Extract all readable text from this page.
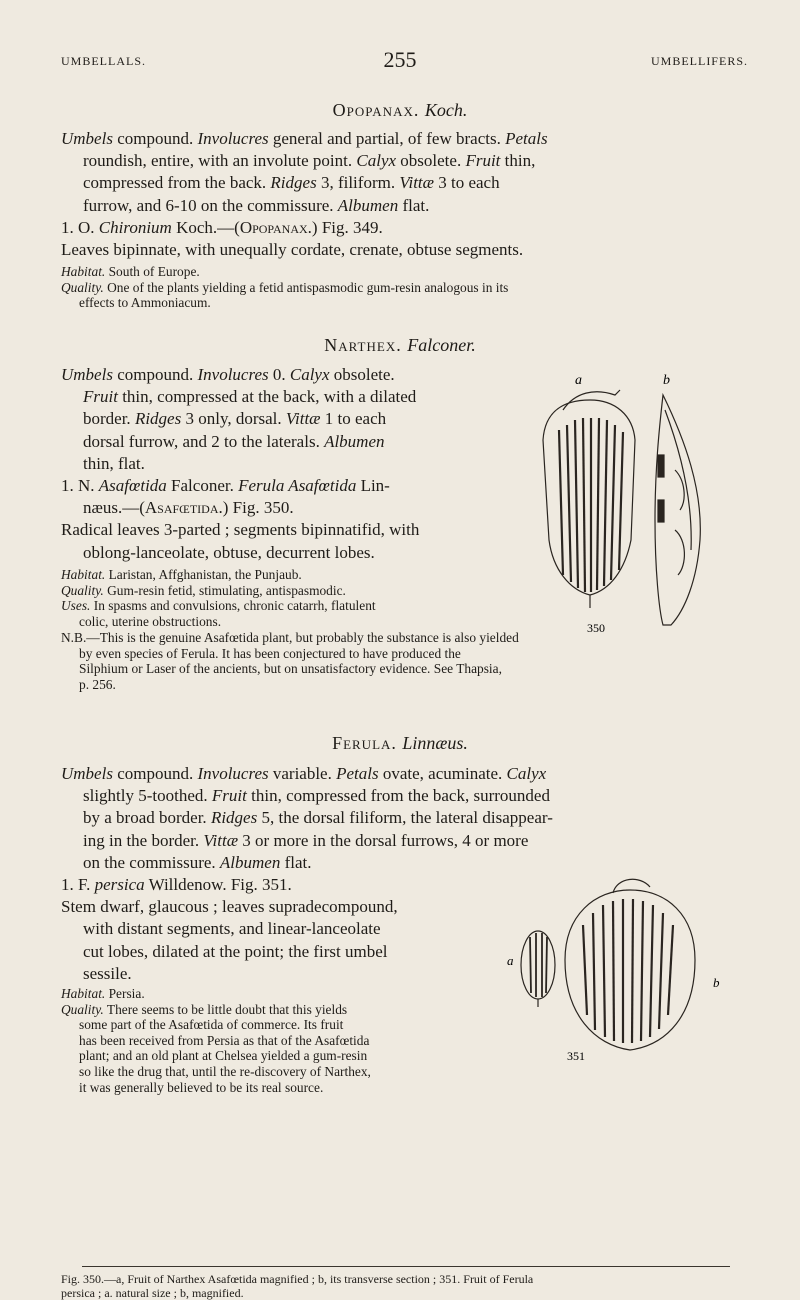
UMBELLALS.	255	UMBELLIFERS.
Opopanax. Koch.

Umbels compound. Involucres general and partial, of few bracts. Petals

roundish, entire, with an involute point. Calyx obsolete. Fruit thin,

compressed from the back. Ridges 3, filiform. Vittæ 3 to each

furrow, and 6-10 on the commissure. Albumen flat.

1. O. Chironium Koch.—(Opopanax.) Fig. 349.

Leaves bipinnate, with unequally cordate, crenate, obtuse segments.

Habitat. South of Europe.

Quality. One of the plants yielding a fetid antispasmodic gum-resin analogous in its

effects to Ammoniacum.

Narthex. Falconer.

Umbels compound. Involucres 0. Calyx obsolete.

Fruit thin, compressed at the back, with a dilated

border. Ridges 3 only, dorsal. Vittæ 1 to each

dorsal furrow, and 2 to the laterals. Albumen

thin, flat.

1. N. Asafœtida Falconer. Ferula Asafœtida Lin-

næus.—(Asafœtida.) Fig. 350.

Radical leaves 3-parted ; segments bipinnatifid, with

oblong-lanceolate, obtuse, decurrent lobes.

Habitat. Laristan, Affghanistan, the Punjaub.

Quality. Gum-resin fetid, stimulating, antispasmodic.

Uses. In spasms and convulsions, chronic catarrh, flatulent

colic, uterine obstructions.

N.B.—This is the genuine Asafœtida plant, but probably the substance is also yielded

by even species of Ferula. It has been conjectured to have produced the

Silphium or Laser of the ancients, but on unsatisfactory evidence. See Thapsia,

p. 256.

a	b
350
Ferula. Linnæus.

Umbels compound. Involucres variable. Petals ovate, acuminate. Calyx

slightly 5-toothed. Fruit thin, compressed from the back, surrounded

by a broad border. Ridges 5, the dorsal filiform, the lateral disappear-

ing in the border. Vittæ 3 or more in the dorsal furrows, 4 or more

on the commissure. Albumen flat.

1. F. persica Willdenow. Fig. 351.

Stem dwarf, glaucous ; leaves supradecompound,

with distant segments, and linear-lanceolate

cut lobes, dilated at the point; the first umbel

sessile.

Habitat. Persia.

Quality. There seems to be little doubt that this yields

some part of the Asafœtida of commerce. Its fruit

has been received from Persia as that of the Asafœtida

plant; and an old plant at Chelsea yielded a gum-resin

so like the drug that, until the re-discovery of Narthex,

it was generally believed to be its real source.

a
b
351
Fig. 350.—a, Fruit of Narthex Asafœtida magnified ; b, its transverse section ; 351. Fruit of Ferula
persica ; a. natural size ; b, magnified.
